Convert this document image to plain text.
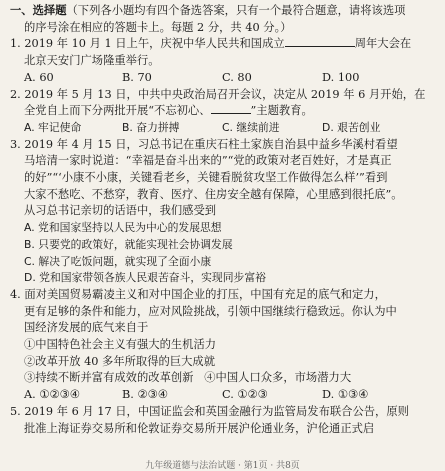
一、选择题（下列各小题均有四个备选答案，只有一个最符合题意，请将该选项
的序号涂在相应的答题卡上。每题 2 分，共 40 分。）
1. 2019 年 10 月 1 日上午，庆祝中华人民共和国成立	周年大会在
北京天安门广场隆重举行。
A. 60	B. 70	C. 80	D. 100
2. 2019 年 5 月 13 日，中共中央政治局召开会议，决定从 2019 年 6 月开始，在
全党自上而下分两批开展“不忘初心、	”主题教育。
A. 牢记使命	B. 奋力拼搏	C. 继续前进	D. 艰苦创业
3. 2019 年 4 月 15 日，习总书记在重庆石柱土家族自治县中益乡华溪村看望
马培清一家时说道：“幸福是奋斗出来的”“党的政策对老百姓好，才是真正
的好”“‘小康不小康，关键看老乡，关键看脱贫攻坚工作做得怎么样’”看到
大家不愁吃、不愁穿，教育、医疗、住房安全越有保障，心里感到很托底”。
从习总书记亲切的话语中，我们感受到
A. 党和国家坚持以人民为中心的发展思想
B. 只要党的政策好，就能实现社会协调发展
C. 解决了吃饭问题，就实现了全面小康
D. 党和国家带领各族人民艰苦奋斗，实现同步富裕
4. 面对美国贸易霸凌主义和对中国企业的打压，中国有充足的底气和定力，
更有足够的条件和能力，应对风险挑战，引领中国继续行稳致远。你认为中
国经济发展的底气来自于
①中国特色社会主义有强大的生机活力
②改革开放 40 多年所取得的巨大成就
③持续不断并富有成效的改革创新 ④中国人口众多，市场潜力大
A. ①②③④	B. ②③④	C. ①②③	D. ①③④
5. 2019 年 6 月 17 日，中国证监会和英国金融行为监管局发布联合公告，原则
批准上海证券交易所和伦敦证券交易所开展沪伦通业务，沪伦通正式启
九年级道德与法治试题 · 第1页 · 共8页
